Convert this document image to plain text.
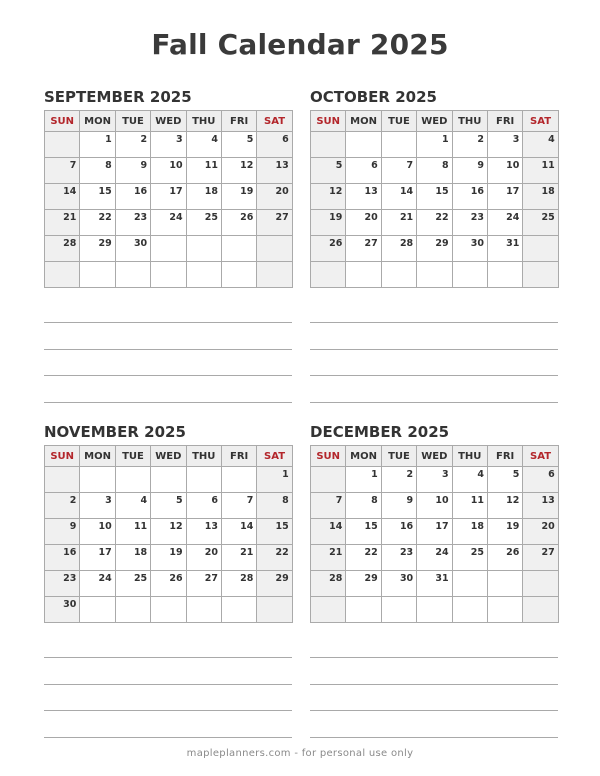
Fall Calendar 2025
SEPTEMBER 2025
SUN	MON	TUE	WED	THU	FRI	SAT
	1	2	3	4	5	6
7	8	9	10	11	12	13
14	15	16	17	18	19	20
21	22	23	24	25	26	27
28	29	30				

OCTOBER 2025
SUN	MON	TUE	WED	THU	FRI	SAT
			1	2	3	4
5	6	7	8	9	10	11
12	13	14	15	16	17	18
19	20	21	22	23	24	25
26	27	28	29	30	31	

NOVEMBER 2025
SUN	MON	TUE	WED	THU	FRI	SAT
						1
2	3	4	5	6	7	8
9	10	11	12	13	14	15
16	17	18	19	20	21	22
23	24	25	26	27	28	29
30						
DECEMBER 2025
SUN	MON	TUE	WED	THU	FRI	SAT
	1	2	3	4	5	6
7	8	9	10	11	12	13
14	15	16	17	18	19	20
21	22	23	24	25	26	27
28	29	30	31			

mapleplanners.com - for personal use only
